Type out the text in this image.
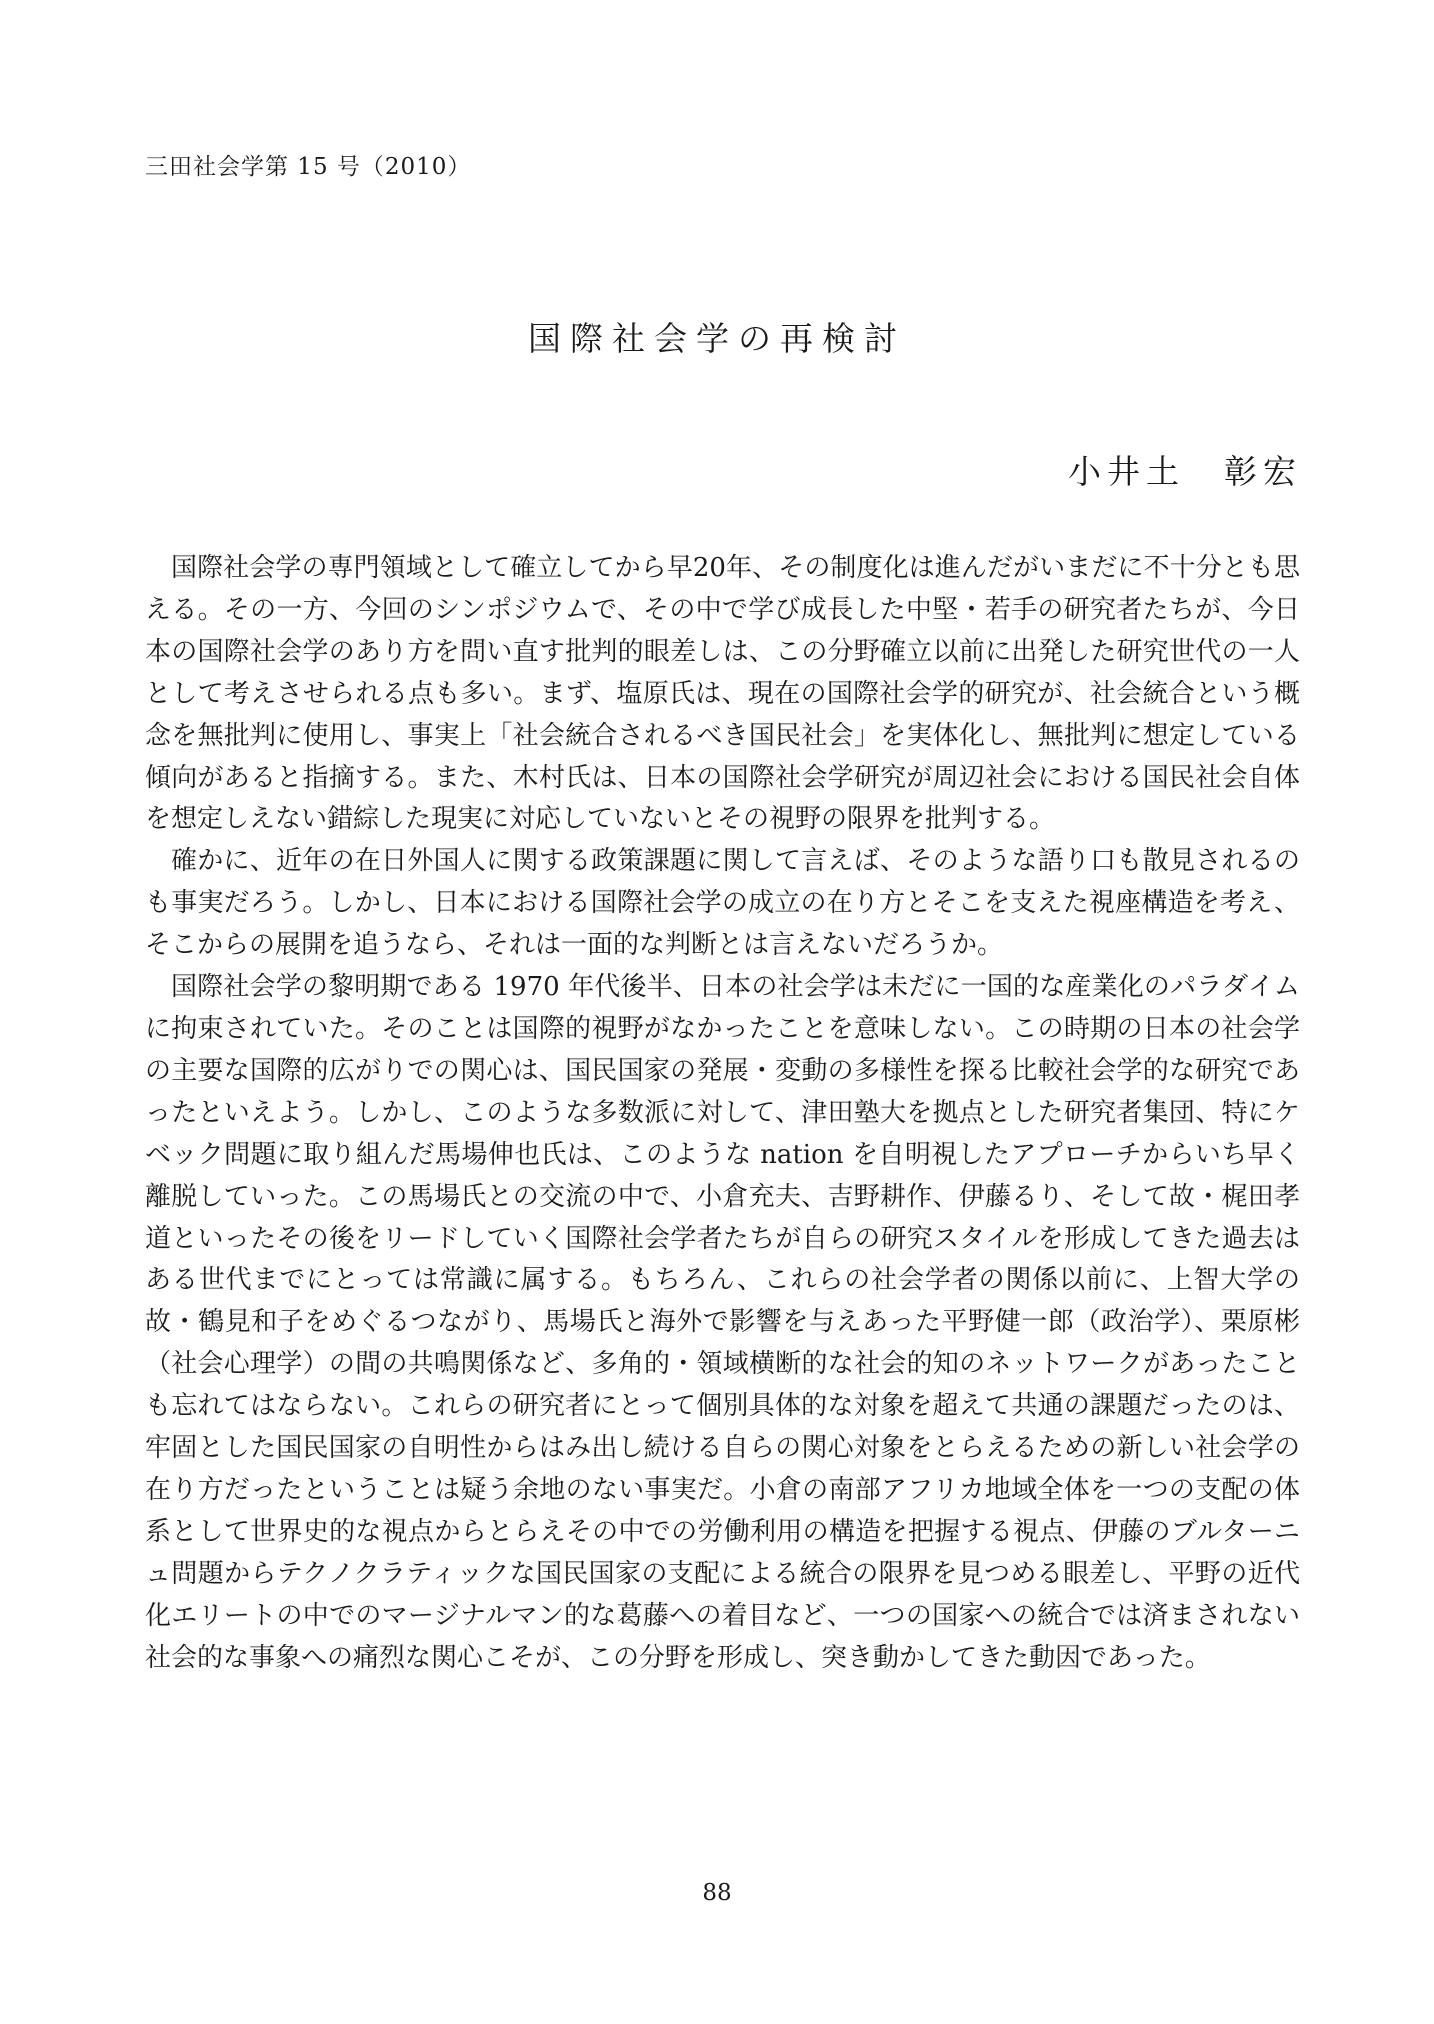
三田社会学第 15 号（2010）
国際社会学の再検討
小井土　彰宏

国際社会学の専門領域として確立してから早20年、その制度化は進んだがいまだに不十分とも思える。その一方、今回のシンポジウムで、その中で学び成長した中堅・若手の研究者たちが、今日本の国際社会学のあり方を問い直す批判的眼差しは、この分野確立以前に出発した研究世代の一人として考えさせられる点も多い。まず、塩原氏は、現在の国際社会学的研究が、社会統合という概念を無批判に使用し、事実上「社会統合されるべき国民社会」を実体化し、無批判に想定している傾向があると指摘する。また、木村氏は、日本の国際社会学研究が周辺社会における国民社会自体を想定しえない錯綜した現実に対応していないとその視野の限界を批判する。

確かに、近年の在日外国人に関する政策課題に関して言えば、そのような語り口も散見されるのも事実だろう。しかし、日本における国際社会学の成立の在り方とそこを支えた視座構造を考え、そこからの展開を追うなら、それは一面的な判断とは言えないだろうか。

国際社会学の黎明期である 1970 年代後半、日本の社会学は未だに一国的な産業化のパラダイムに拘束されていた。そのことは国際的視野がなかったことを意味しない。この時期の日本の社会学の主要な国際的広がりでの関心は、国民国家の発展・変動の多様性を探る比較社会学的な研究であったといえよう。しかし、このような多数派に対して、津田塾大を拠点とした研究者集団、特にケベック問題に取り組んだ馬場伸也氏は、このような nation を自明視したアプローチからいち早く離脱していった。この馬場氏との交流の中で、小倉充夫、吉野耕作、伊藤るり、そして故・梶田孝道といったその後をリードしていく国際社会学者たちが自らの研究スタイルを形成してきた過去はある世代までにとっては常識に属する。もちろん、これらの社会学者の関係以前に、上智大学の故・鶴見和子をめぐるつながり、馬場氏と海外で影響を与えあった平野健一郎（政治学）、栗原彬（社会心理学）の間の共鳴関係など、多角的・領域横断的な社会的知のネットワークがあったことも忘れてはならない。これらの研究者にとって個別具体的な対象を超えて共通の課題だったのは、牢固とした国民国家の自明性からはみ出し続ける自らの関心対象をとらえるための新しい社会学の在り方だったということは疑う余地のない事実だ。小倉の南部アフリカ地域全体を一つの支配の体系として世界史的な視点からとらえその中での労働利用の構造を把握する視点、伊藤のブルターニュ問題からテクノクラティックな国民国家の支配による統合の限界を見つめる眼差し、平野の近代化エリートの中でのマージナルマン的な葛藤への着目など、一つの国家への統合では済まされない社会的な事象への痛烈な関心こそが、この分野を形成し、突き動かしてきた動因であった。

88
